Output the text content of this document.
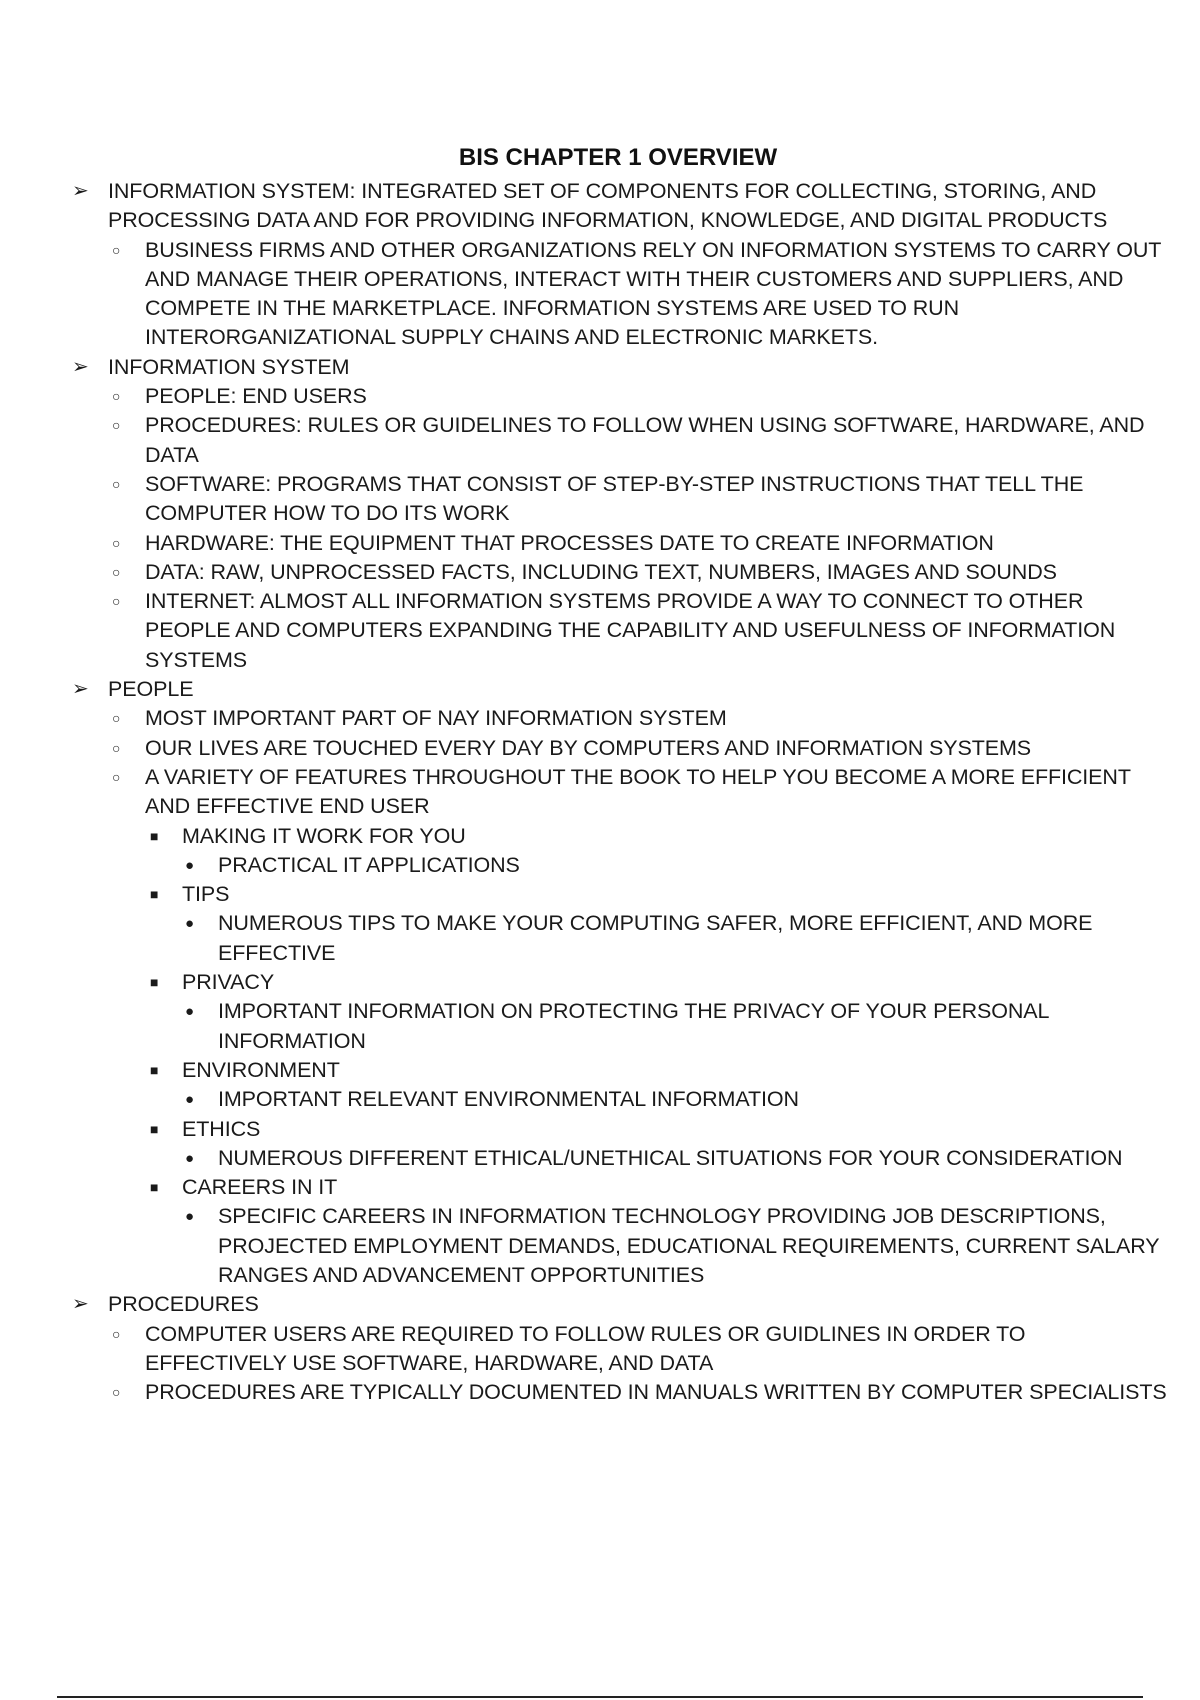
BIS CHAPTER 1 OVERVIEW
➢ INFORMATION SYSTEM: INTEGRATED SET OF COMPONENTS FOR COLLECTING, STORING, AND PROCESSING DATA AND FOR PROVIDING INFORMATION, KNOWLEDGE, AND DIGITAL PRODUCTS
○ BUSINESS FIRMS AND OTHER ORGANIZATIONS RELY ON INFORMATION SYSTEMS TO CARRY OUT AND MANAGE THEIR OPERATIONS, INTERACT WITH THEIR CUSTOMERS AND SUPPLIERS, AND COMPETE IN THE MARKETPLACE. INFORMATION SYSTEMS ARE USED TO RUN INTERORGANIZATIONAL SUPPLY CHAINS AND ELECTRONIC MARKETS.
➢ INFORMATION SYSTEM
○ PEOPLE: END USERS
○ PROCEDURES: RULES OR GUIDELINES TO FOLLOW WHEN USING SOFTWARE, HARDWARE, AND DATA
○ SOFTWARE: PROGRAMS THAT CONSIST OF STEP-BY-STEP INSTRUCTIONS THAT TELL THE COMPUTER HOW TO DO ITS WORK
○ HARDWARE: THE EQUIPMENT THAT PROCESSES DATE TO CREATE INFORMATION
○ DATA: RAW, UNPROCESSED FACTS, INCLUDING TEXT, NUMBERS, IMAGES AND SOUNDS
○ INTERNET: ALMOST ALL INFORMATION SYSTEMS PROVIDE A WAY TO CONNECT TO OTHER PEOPLE AND COMPUTERS EXPANDING THE CAPABILITY AND USEFULNESS OF INFORMATION SYSTEMS
➢ PEOPLE
○ MOST IMPORTANT PART OF NAY INFORMATION SYSTEM
○ OUR LIVES ARE TOUCHED EVERY DAY BY COMPUTERS AND INFORMATION SYSTEMS
○ A VARIETY OF FEATURES THROUGHOUT THE BOOK TO HELP YOU BECOME A MORE EFFICIENT AND EFFECTIVE END USER
■ MAKING IT WORK FOR YOU
● PRACTICAL IT APPLICATIONS
■ TIPS
● NUMEROUS TIPS TO MAKE YOUR COMPUTING SAFER, MORE EFFICIENT, AND MORE EFFECTIVE
■ PRIVACY
● IMPORTANT INFORMATION ON PROTECTING THE PRIVACY OF YOUR PERSONAL INFORMATION
■ ENVIRONMENT
● IMPORTANT RELEVANT ENVIRONMENTAL INFORMATION
■ ETHICS
● NUMEROUS DIFFERENT ETHICAL/UNETHICAL SITUATIONS FOR YOUR CONSIDERATION
■ CAREERS IN IT
● SPECIFIC CAREERS IN INFORMATION TECHNOLOGY PROVIDING JOB DESCRIPTIONS, PROJECTED EMPLOYMENT DEMANDS, EDUCATIONAL REQUIREMENTS, CURRENT SALARY RANGES AND ADVANCEMENT OPPORTUNITIES
➢ PROCEDURES
○ COMPUTER USERS ARE REQUIRED TO FOLLOW RULES OR GUIDLINES IN ORDER TO EFFECTIVELY USE SOFTWARE, HARDWARE, AND DATA
○ PROCEDURES ARE TYPICALLY DOCUMENTED IN MANUALS WRITTEN BY COMPUTER SPECIALISTS
